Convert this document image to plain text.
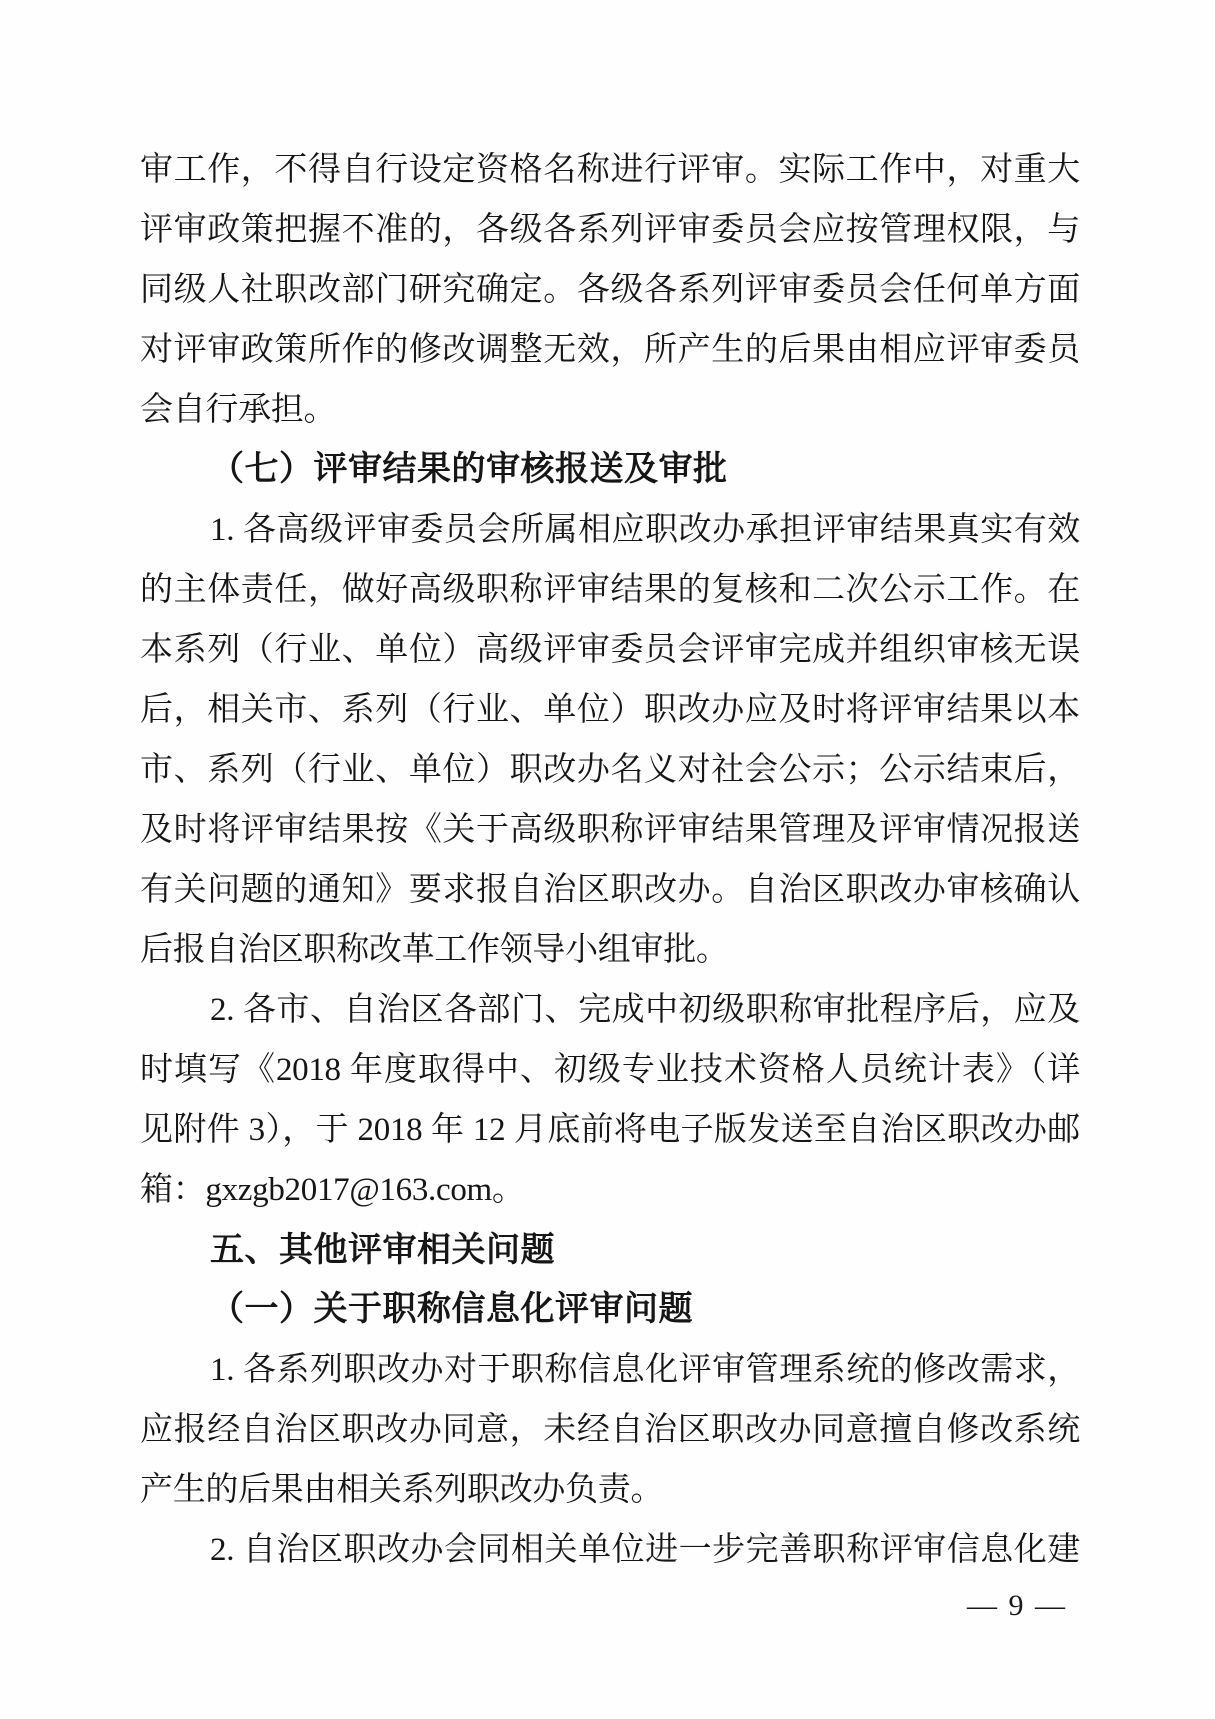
审工作，不得自行设定资格名称进行评审。实际工作中，对重大
评审政策把握不准的，各级各系列评审委员会应按管理权限，与
同级人社职改部门研究确定。各级各系列评审委员会任何单方面
对评审政策所作的修改调整无效，所产生的后果由相应评审委员
会自行承担。
（七）评审结果的审核报送及审批
1. 各高级评审委员会所属相应职改办承担评审结果真实有效
的主体责任，做好高级职称评审结果的复核和二次公示工作。在
本系列（行业、单位）高级评审委员会评审完成并组织审核无误
后，相关市、系列（行业、单位）职改办应及时将评审结果以本
市、系列（行业、单位）职改办名义对社会公示；公示结束后，
及时将评审结果按《关于高级职称评审结果管理及评审情况报送
有关问题的通知》要求报自治区职改办。自治区职改办审核确认
后报自治区职称改革工作领导小组审批。
2. 各市、自治区各部门、完成中初级职称审批程序后，应及
时填写《2018 年度取得中、初级专业技术资格人员统计表》（详
见附件 3），于 2018 年 12 月底前将电子版发送至自治区职改办邮
箱：gxzgb2017@163.com。
五、其他评审相关问题
（一）关于职称信息化评审问题
1. 各系列职改办对于职称信息化评审管理系统的修改需求，
应报经自治区职改办同意，未经自治区职改办同意擅自修改系统
产生的后果由相关系列职改办负责。
2. 自治区职改办会同相关单位进一步完善职称评审信息化建
— 9 —
